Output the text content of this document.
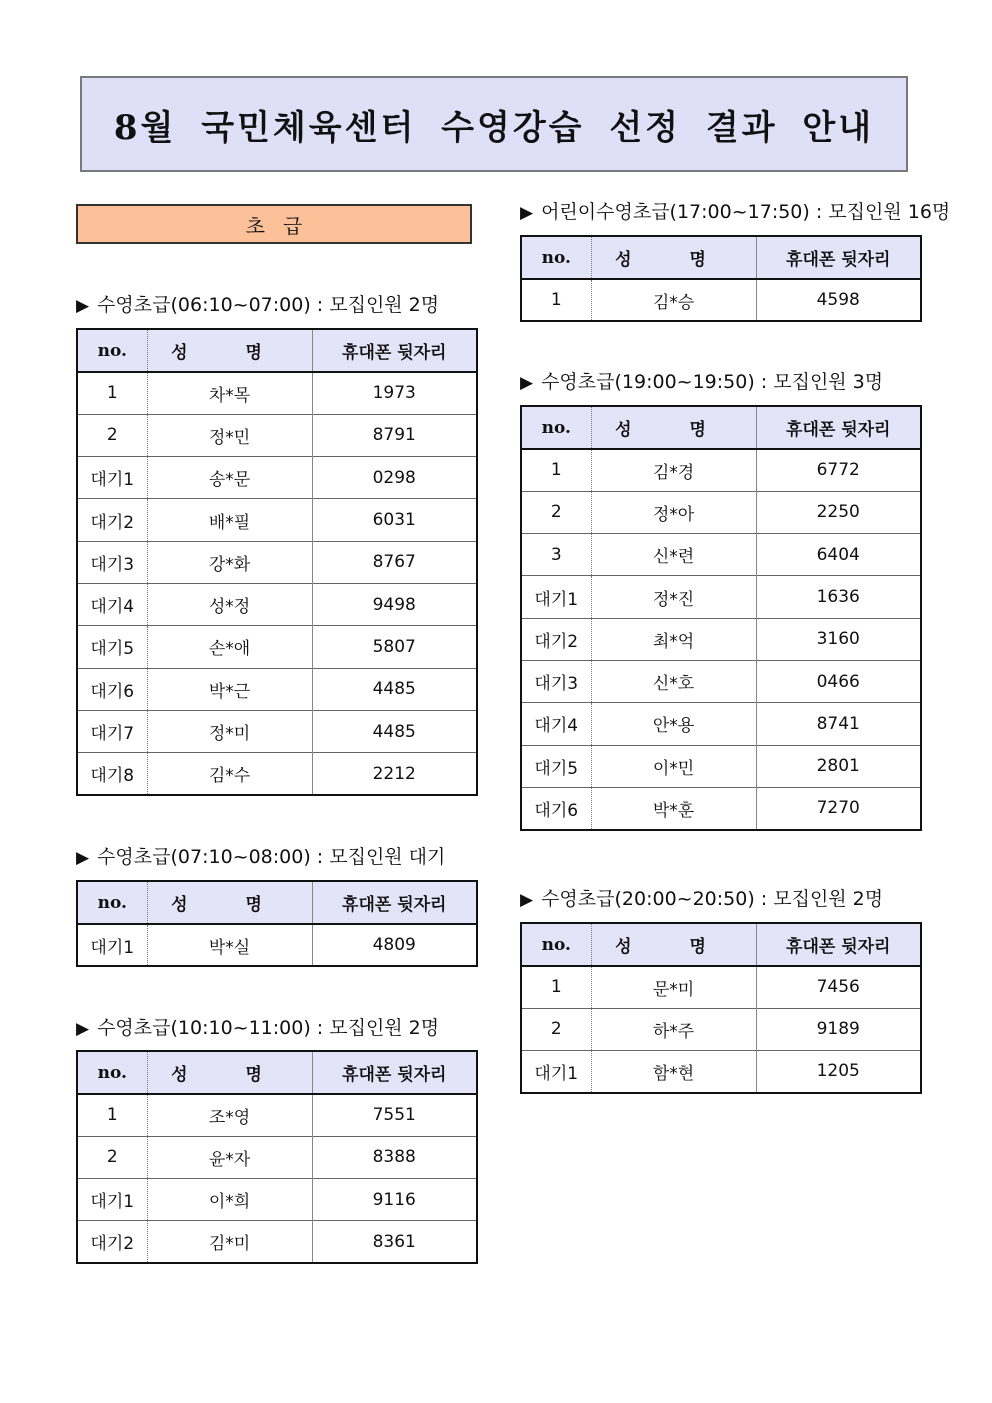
8월 국민체육센터 수영강습 선정 결과 안내
초급
▶ 수영초급(06:10~07:00) : 모집인원 2명
no.	성 명	휴대폰 뒷자리
1	차*목	1973
2	정*민	8791
대기1	송*문	0298
대기2	배*필	6031
대기3	강*화	8767
대기4	성*정	9498
대기5	손*애	5807
대기6	박*근	4485
대기7	정*미	4485
대기8	김*수	2212
▶ 수영초급(07:10~08:00) : 모집인원 대기
no.	성 명	휴대폰 뒷자리
대기1	박*실	4809
▶ 수영초급(10:10~11:00) : 모집인원 2명
no.	성 명	휴대폰 뒷자리
1	조*영	7551
2	윤*자	8388
대기1	이*희	9116
대기2	김*미	8361
▶ 어린이수영초급(17:00~17:50) : 모집인원 16명
no.	성 명	휴대폰 뒷자리
1	김*승	4598
▶ 수영초급(19:00~19:50) : 모집인원 3명
no.	성 명	휴대폰 뒷자리
1	김*경	6772
2	정*아	2250
3	신*련	6404
대기1	정*진	1636
대기2	최*억	3160
대기3	신*호	0466
대기4	안*용	8741
대기5	이*민	2801
대기6	박*훈	7270
▶ 수영초급(20:00~20:50) : 모집인원 2명
no.	성 명	휴대폰 뒷자리
1	문*미	7456
2	하*주	9189
대기1	함*현	1205
